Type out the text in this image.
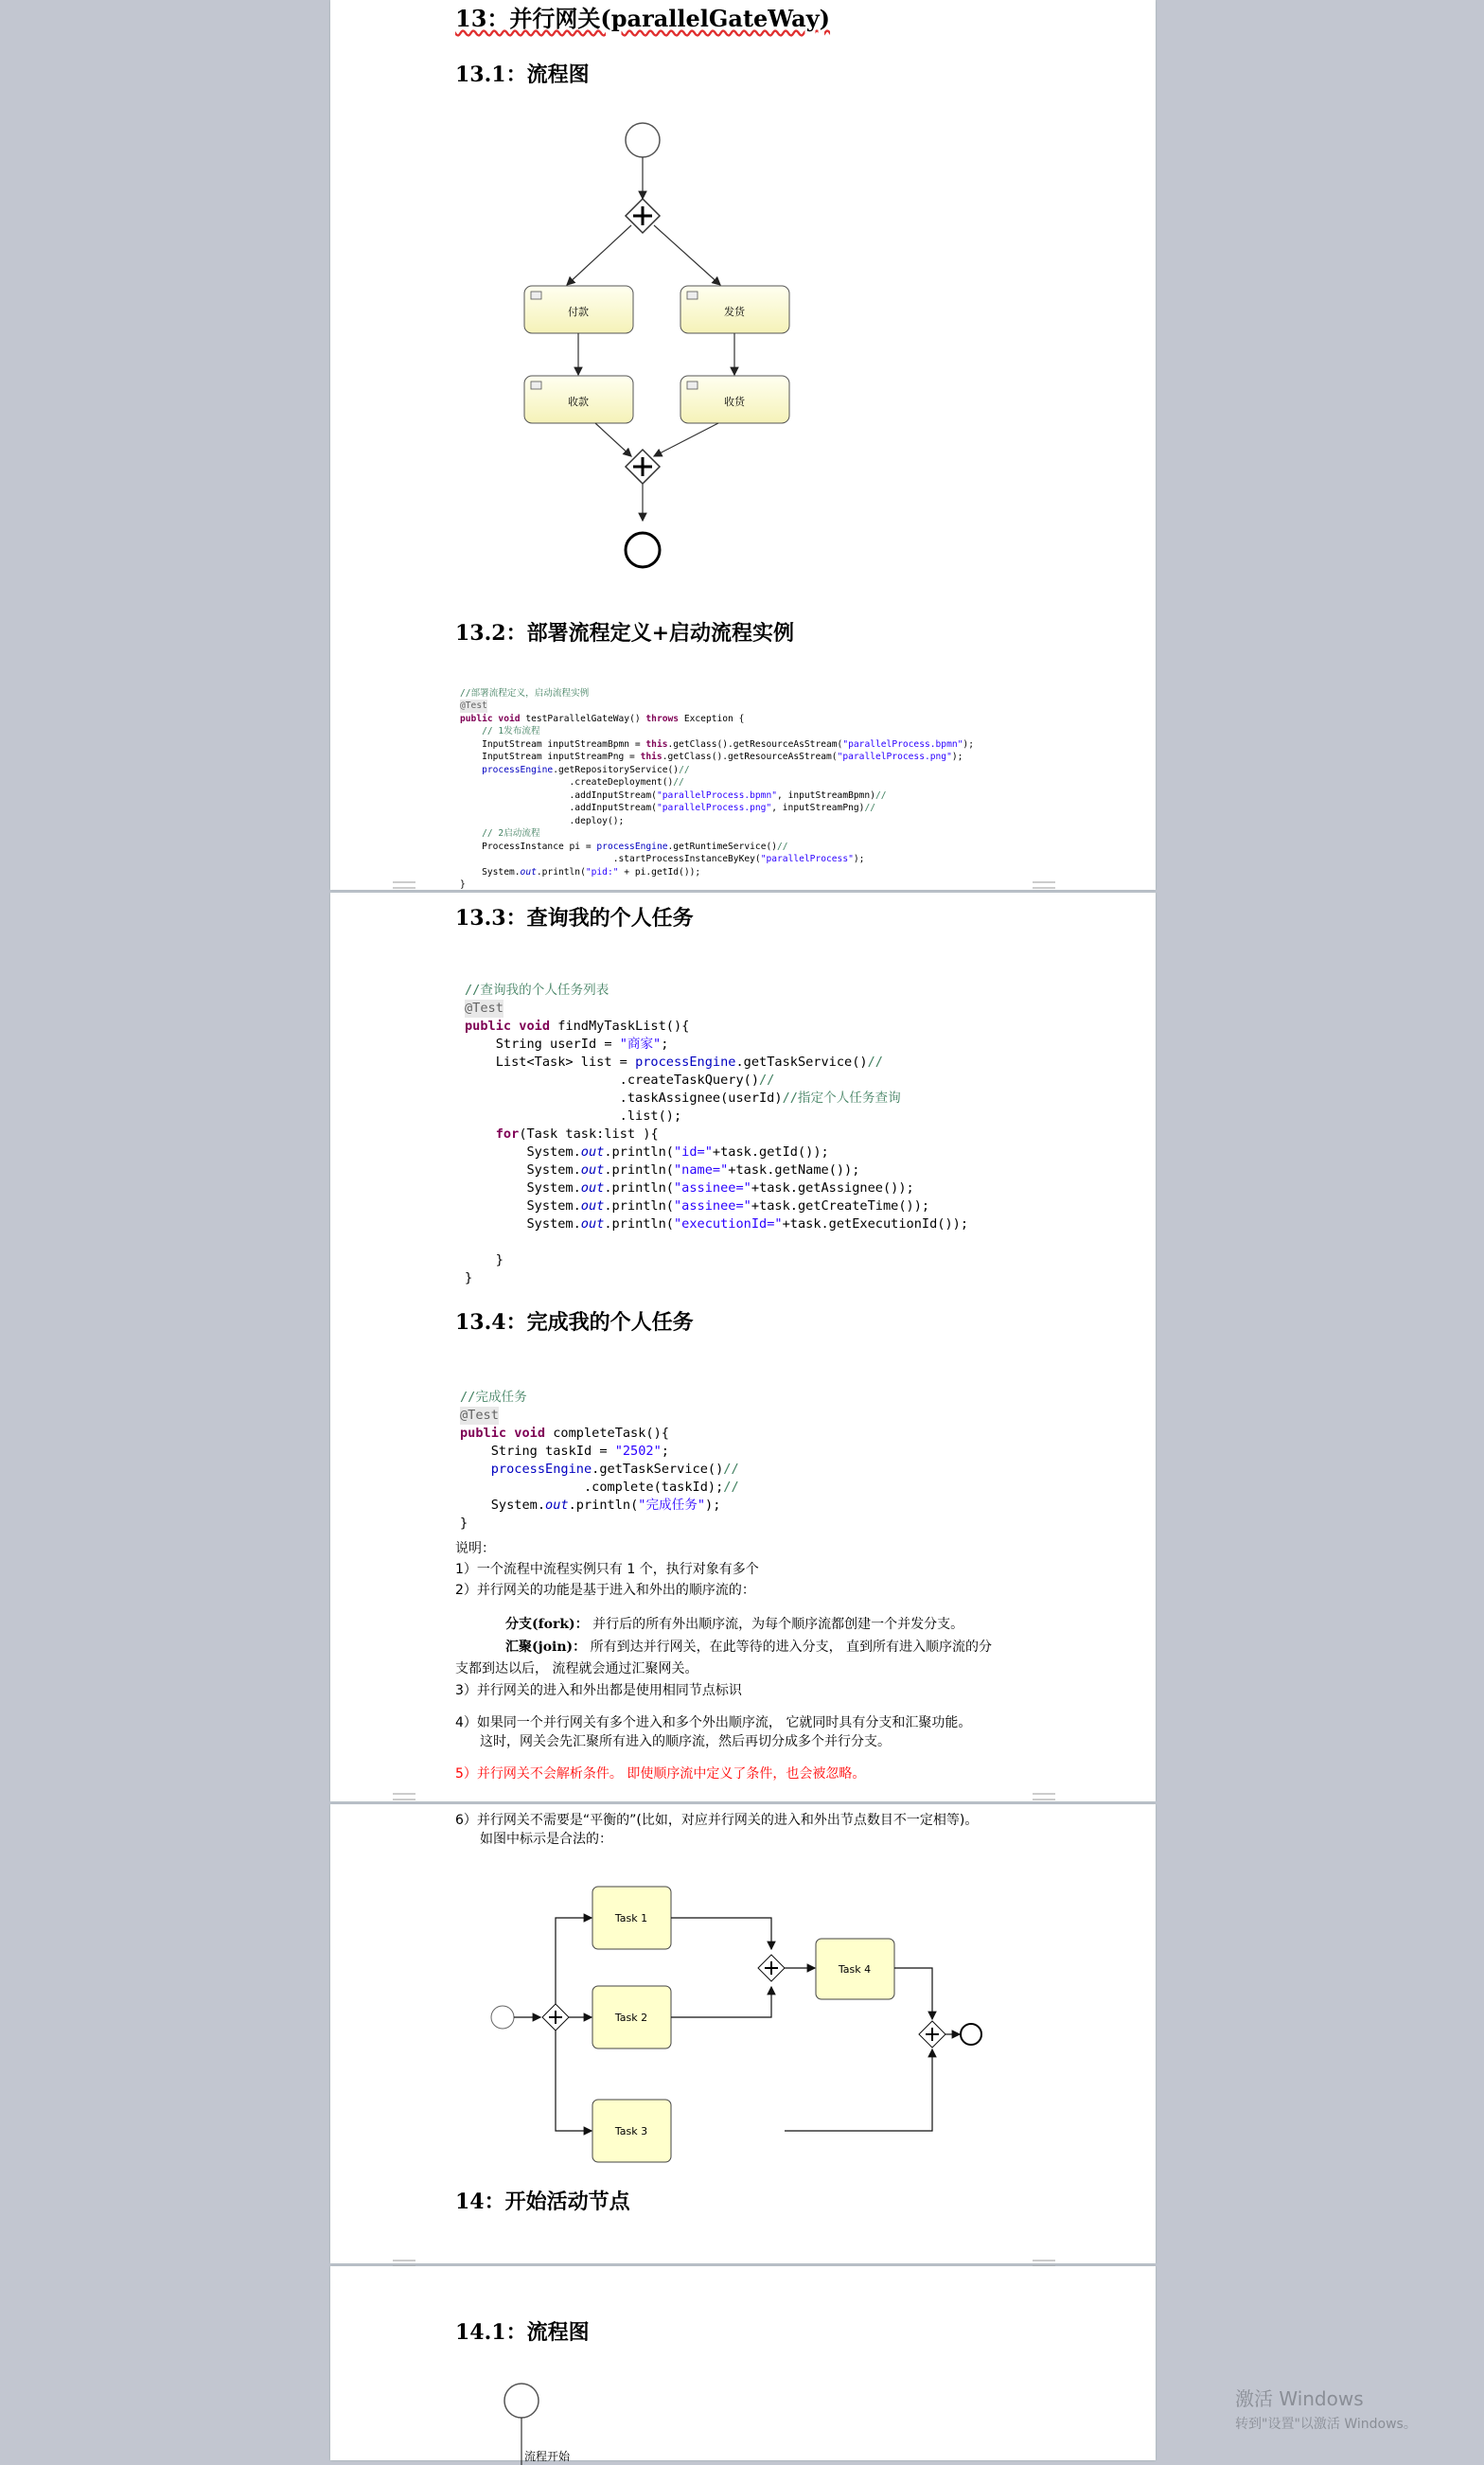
13：并行网关(parallelGateWay)
13.1：流程图
付款	发货
收款	收货
13.2：部署流程定义+启动流程实例

//部署流程定义，启动流程实例
@Test

public void testParallelGateWay() throws Exception {
// 1发布流程
InputStream inputStreamBpmn = this.getClass().getResourceAsStream("parallelProcess.bpmn");
InputStream inputStreamPng = this.getClass().getResourceAsStream("parallelProcess.png");
processEngine.getRepositoryService()//
.createDeployment()//
.addInputStream("parallelProcess.bpmn", inputStreamBpmn)//
.addInputStream("parallelProcess.png", inputStreamPng)//
.deploy();
// 2启动流程
ProcessInstance pi = processEngine.getRuntimeService()//
.startProcessInstanceByKey("parallelProcess");
System.out.println("pid:" + pi.getId());
}

13.3：查询我的个人任务

//查询我的个人任务列表
@Test

public void findMyTaskList(){
String userId = "商家";
List<Task> list = processEngine.getTaskService()//
.createTaskQuery()//
.taskAssignee(userId)//指定个人任务查询
.list();
for(Task task:list ){
System.out.println("id="+task.getId());
System.out.println("name="+task.getName());
System.out.println("assinee="+task.getAssignee());
System.out.println("assinee="+task.getCreateTime());
System.out.println("executionId="+task.getExecutionId());

}
}

13.4：完成我的个人任务

//完成任务
@Test

public void completeTask(){
String taskId = "2502";
processEngine.getTaskService()//
.complete(taskId);//
System.out.println("完成任务");
}

说明：
1）一个流程中流程实例只有 1 个，执行对象有多个
2）并行网关的功能是基于进入和外出的顺序流的：
分支(fork)： 并行后的所有外出顺序流，为每个顺序流都创建一个并发分支。
汇聚(join)： 所有到达并行网关，在此等待的进入分支， 直到所有进入顺序流的分
支都到达以后， 流程就会通过汇聚网关。
3）并行网关的进入和外出都是使用相同节点标识
4）如果同一个并行网关有多个进入和多个外出顺序流， 它就同时具有分支和汇聚功能。
这时，网关会先汇聚所有进入的顺序流，然后再切分成多个并行分支。
5）并行网关不会解析条件。 即使顺序流中定义了条件，也会被忽略。
6）并行网关不需要是“平衡的”(比如，对应并行网关的进入和外出节点数目不一定相等)。
如图中标示是合法的：
Task 1
Task 2
Task 3
Task 4
14：开始活动节点
14.1：流程图
流程开始
激活 Windows
转到"设置"以激活 Windows。
